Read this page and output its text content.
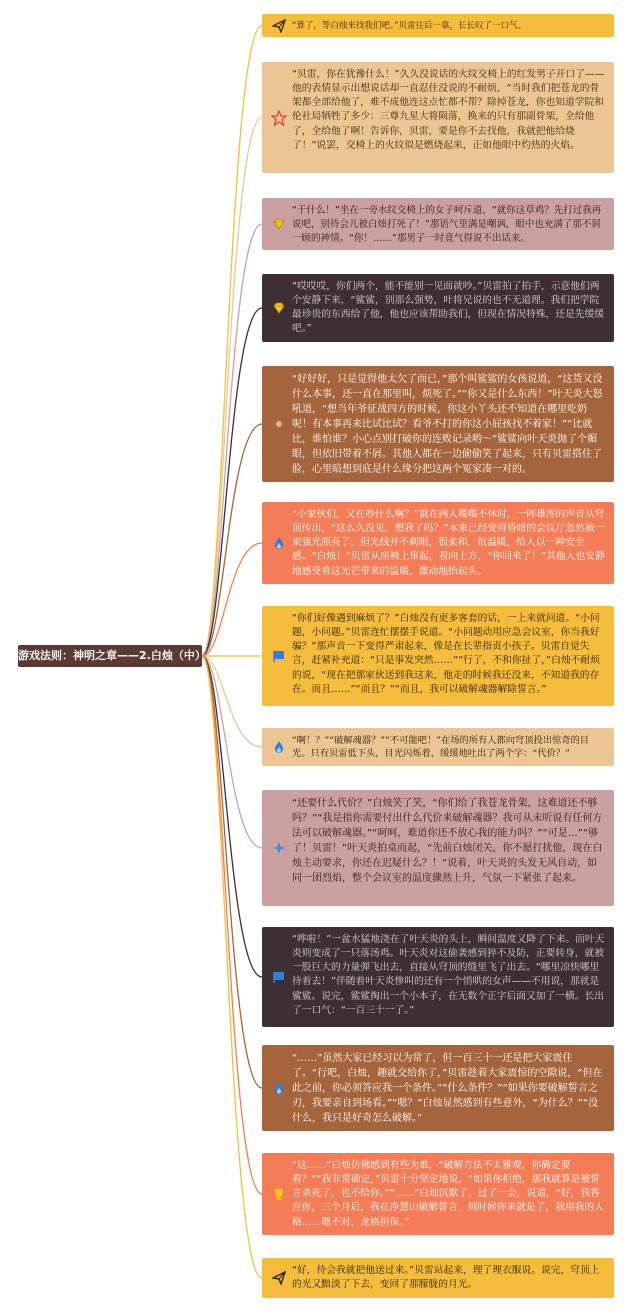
游戏法则：神明之章——2.白烛（中）
“算了，等白烛来找我们吧。”贝雷往后一靠，长长叹了一口气。
“贝雷，你在犹豫什么！”久久没说话的火纹交椅上的红发男子开口了——他的表情显示出想说话却一直忍住没说的不耐烦，“当时我们把苍龙的骨架都全部给他了，难不成他连这点忙都不帮？除掉苍龙，你也知道学院和伦社局牺牲了多少：三尊九星大将陨落，换来的只有那副骨架，全给他了，全给他了啊！告诉你，贝雷，要是你不去找他，我就把他给烧了！”说罢，交椅上的火纹似是燃烧起来，正如他眼中灼热的火焰。
“干什么！”坐在一旁水纹交椅上的女子呵斥道，“就你这草鸡？先打过我再说吧，别待会儿被白烛打死了！”那语气里满是嘲讽，眼中也充满了那不屑一顾的神情。“你！……”那男子一时竟气得说不出话来。
“哎哎哎，你们两个，能不能别一见面就吵。”贝雷拍了拍手，示意他们两个安静下来，“鲨鲨，别那么强势，叶将兄说的也不无道理。我们把学院最珍贵的东西给了他，他也应该帮助我们，但现在情况特殊，还是先缓缓吧。”
“好好好，只是觉得他太欠了而已，”那个叫鲨鲨的女孩说道，“这货又没什么本事，还一直在那里叫，烦死了。”“你又是什么东西！”叶天炎大怒吼道，“想当年爷征战四方的时候，你这小丫头还不知道在哪里吃奶呢！有本事再来比试比试？看爷不打的你这小屁孩找不着家！”“比就比，谁怕谁？小心点别打破你的连败记录哟～”鲨鲨向叶天炎抛了个媚眼，但依旧带着不屑。其他人都在一边偷偷笑了起来，只有贝雷搭住了脸，心里暗想到底是什么缘分把这两个冤家凑一对的。
“小家伙们，又在吵什么啊？”就在两人喋喋不休时，一阵雄浑的声音从穹顶传出，“这么久没见，想我了吗？”本来已经变得昏暗的会议厅忽然被一束强光照亮了，但光线并不刺眼，很柔和，很温暖，给人以一种安全感。“白烛！”贝雷从座椅上窜起，看向上方，“你回来了！”其他人也安静地感受着这光芒带来的温暖，激动地抬起头。
“你们好像遇到麻烦了？”白烛没有更多客套的话，一上来就问道。“小问题，小问题。”贝雷连忙摆摆手说道。“小问题动用应急会议室，你当我好骗？”那声音一下变得严肃起来，像是在长辈指责小孩子。贝雷自觉失言，赶紧补充道：“只是事发突然……”“行了，不和你扯了，”白烛不耐烦的说，“现在把那家伙送到我这来，他走的时候我还没来，不知道我的存在。而且……”“而且？”“而且，我可以破解魂器解除誓言。”
“啊！？”“破解魂器？”“不可能吧！”在场的所有人都向穹顶投出惊奇的目光。只有贝雷低下头，目光闪烁着，缓缓地吐出了两个字：“代价？”
“还要什么代价？”白烛笑了笑，“你们给了我苍龙骨架，这难道还不够吗？”“我是指你需要付出什么代价来破解魂器？我可从未听说有任何方法可以破解魂器。”“呵呵，难道你还不放心我的能力吗？”“可是…”“够了！贝雷！”叶天炎拍桌而起，“先前白烛闭关，你不愿打扰他，现在白烛主动要求，你还在迟疑什么？！”说着，叶天炎的头发无风自动，如同一团烈焰，整个会议室的温度骤然上升，气氛一下紧张了起来。
“哗啦！”一盆水猛地浇在了叶天炎的头上，瞬间温度又降了下来。而叶天炎则变成了一只落汤鸡。叶天炎对这偷袭感到猝不及防，正要转身，就被一股巨大的力量弹飞出去，直接从穹顶的缝里飞了出去。“哪里凉快哪里待着去！”伴随着叶天炎惨叫的还有一个悄哄的女声——不用说，那就是鲨鲨。说完，鲨鲨掏出一个小本子，在无数个正字后面又加了一横。长出了一口气：“一百三十一了。”
“……”虽然大家已经习以为常了，但一百三十一还是把大家震住了。“行吧，白烛，趣就交给你了，”贝雷趁着大家震惊的空隙说，“但在此之前，你必须答应我一个条件。”“什么条件？”“如果你要破解誓言之刃，我要亲自到场看。”“嗯？”白烛显然感到有些意外，“为什么？”“没什么，我只是好奇怎么破解。”
“这……”白烛仿佛感到有些为难，“破解方法不太雅观，你确定要看？”“我非常确定，”贝雷十分坚定地说，“如果你拒绝，那我就算是被誓言杀死了，也不给你。”“……”白烛沉默了，过了一会，说道，“好，我答应你，三个月后，我在净慧山破解誓言，到时候你来就是了，我用我的人格……嗯不对，龙格担保。”
“好，待会我就把他送过来。”贝雷站起来，理了理衣服说。说完，穹顶上的光又黯淡了下去，变回了那朦胧的月光。
